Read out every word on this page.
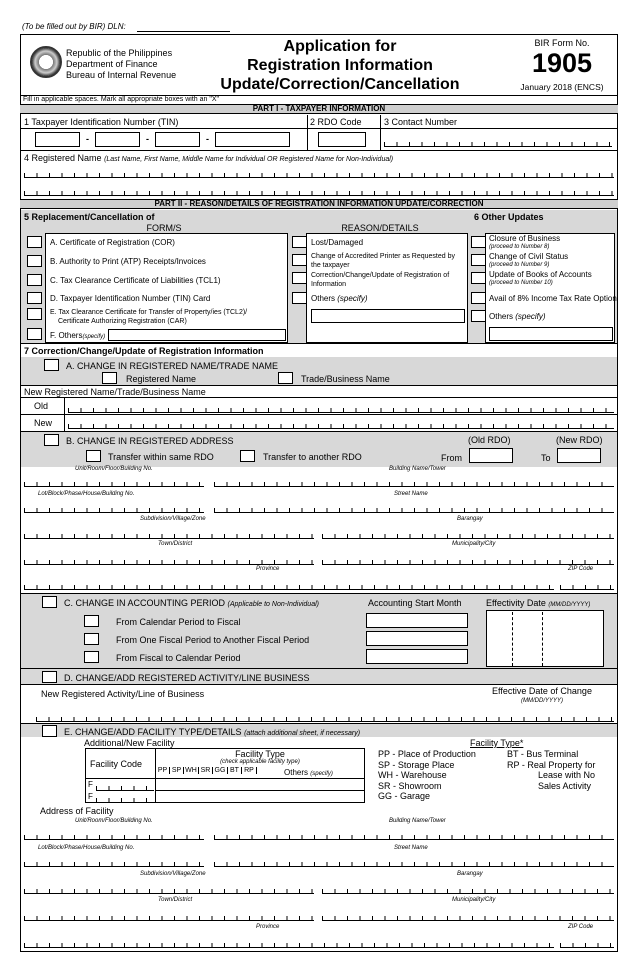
(To be filled out by BIR) DLN:
Republic of the Philippines
Department of Finance
Bureau of Internal Revenue
Application for
Registration Information
Update/Correction/Cancellation
BIR Form No.
1905
January 2018 (ENCS)
Fill in applicable spaces. Mark all appropriate boxes with an "X"
PART I - TAXPAYER INFORMATION
1 Taxpayer Identification Number (TIN)	2 RDO Code 3 Contact Number
-	-	-
4 Registered Name (Last Name, First Name, Middle Name for Individual OR Registered Name for Non-Individual)
PART II - REASON/DETAILS OF REGISTRATION INFORMATION UPDATE/CORRECTION
5 Replacement/Cancellation of	6 Other Updates
FORM/S	REASON/DETAILS
A. Certificate of Registration (COR)
B. Authority to Print (ATP) Receipts/Invoices
C. Tax Clearance Certificate of Liabilities (TCL1)
D. Taxpayer Identification Number (TIN) Card
E. Tax Clearance Certificate for Transfer of Property/ies (TCL2)/
Certificate Authorizing Registration (CAR)
F. Others(specify)
Lost/Damaged
Change of Accredited Printer as Requested by
the taxpayer
Correction/Change/Update of Registration of
Information
Others (specify)
Closure of Business
(proceed to Number 8)
Change of Civil Status
(proceed to Number 9)
Update of Books of Accounts
(proceed to Number 10)
Avail of 8% Income Tax Rate Option
Others (specify)
7 Correction/Change/Update of Registration Information
A. CHANGE IN REGISTERED NAME/TRADE NAME
Registered Name	Trade/Business Name
New Registered Name/Trade/Business Name
Old
New
B. CHANGE IN REGISTERED ADDRESS	(Old RDO)	(New RDO)
Transfer within same RDO	Transfer to another RDO	From	To
Unit/Room/Floor/Building No.	Building Name/Tower
Lot/Block/Phase/House/Building No.	Street Name
Subdivision/Village/Zone	Barangay
Town/District	Municipality/City
Province	ZIP Code
C. CHANGE IN ACCOUNTING PERIOD (Applicable to Non-Individual)	Accounting Start Month	Effectivity Date (MM/DD/YYYY)
From Calendar Period to Fiscal
From One Fiscal Period to Another Fiscal Period
From Fiscal to Calendar Period
D. CHANGE/ADD REGISTERED ACTIVITY/LINE BUSINESS
New Registered Activity/Line of Business	Effective Date of Change
(MM/DD/YYYY)
E. CHANGE/ADD FACILITY TYPE/DETAILS (attach additional sheet, if necessary)
Additional/New Facility
Facility Code
Facility Type
(check applicable facility type)
PP SP WH SR GG BT RP	Others (specify)
F
F
Facility Type*
PP - Place of Production
SP - Storage Place
WH - Warehouse
SR - Showroom
GG - Garage
BT - Bus Terminal
RP - Real Property for
Lease with No
Sales Activity
Address of Facility
Unit/Room/Floor/Building No.	Building Name/Tower
Lot/Block/Phase/House/Building No.	Street Name
Subdivision/Village/Zone	Barangay
Town/District	Municipality/City
Province	ZIP Code
